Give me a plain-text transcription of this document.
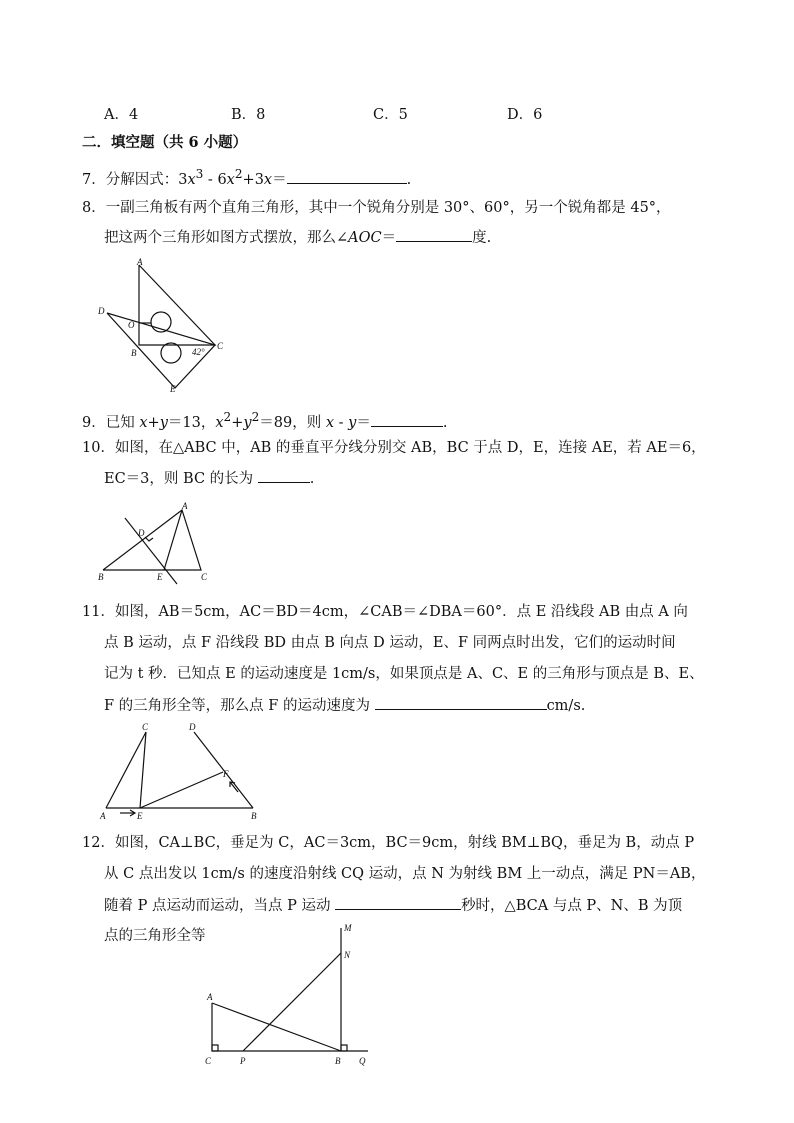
A．4	B．8	C．5	D．6
二．填空题（共 6 小题）
7．分解因式：$3x^3 - 6x^2+3x=$	.
8．一副三角板有两个直角三角形，其中一个锐角分别是 30°、60°，另一个锐角都是 45°，
把这两个三角形如图方式摆放，那么∠AOC＝	度.
A
D
O
B
C
E
42°
9．已知 x+y＝13，$x^2+y^2=89$，则 x - y＝	.
10．如图，在△ABC 中，AB 的垂直平分线分别交 AB，BC 于点 D，E，连接 AE，若 AE＝6，
EC＝3，则 BC 的长为	.
A
D
B	E	C
11．如图，AB＝5cm，AC＝BD＝4cm，∠CAB＝∠DBA＝60°．点 E 沿线段 AB 由点 A 向
点 B 运动，点 F 沿线段 BD 由点 B 向点 D 运动，E、F 同两点时出发，它们的运动时间
记为 t 秒．已知点 E 的运动速度是 1cm/s，如果顶点是 A、C、E 的三角形与顶点是 B、E、
F 的三角形全等，那么点 F 的运动速度为	cm/s.
C	D
F
A	E	B
12．如图，CA⊥BC，垂足为 C，AC＝3cm，BC＝9cm，射线 BM⊥BQ，垂足为 B，动点 P
从 C 点出发以 1cm/s 的速度沿射线 CQ 运动，点 N 为射线 BM 上一动点，满足 PN＝AB，
随着 P 点运动而运动，当点 P 运动	秒时，△BCA 与点 P、N、B 为顶
点的三角形全等	M
N
A
C	P	B Q
